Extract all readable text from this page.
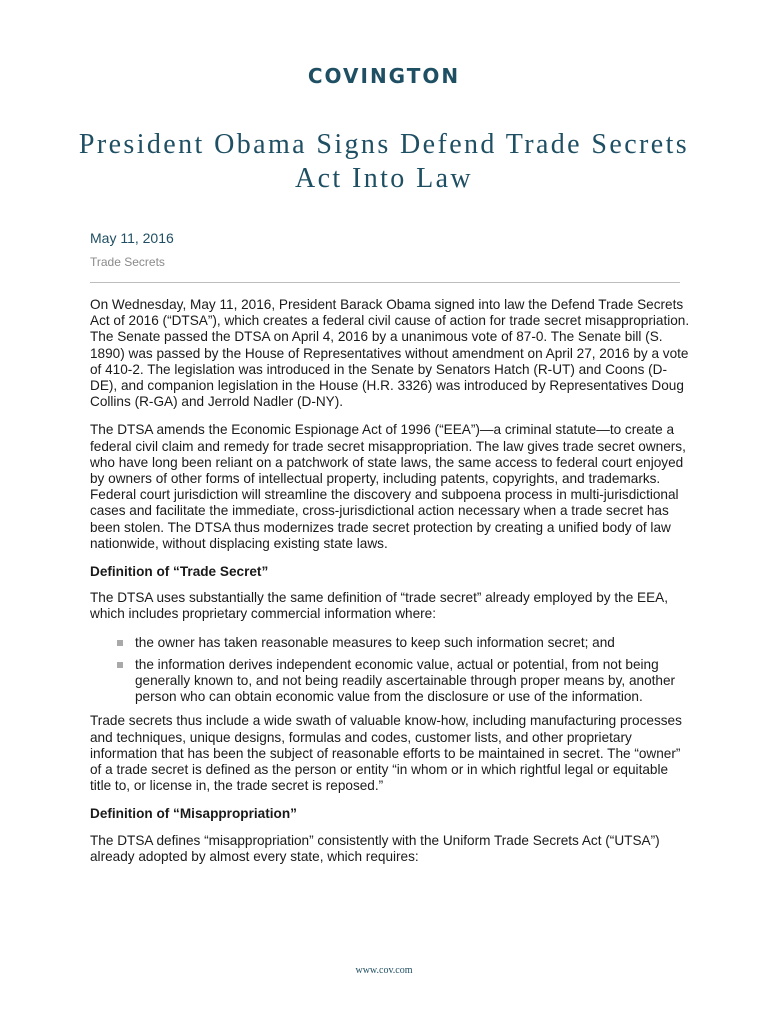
COVINGTON
President Obama Signs Defend Trade Secrets Act Into Law
May 11, 2016
Trade Secrets

On Wednesday, May 11, 2016, President Barack Obama signed into law the Defend Trade Secrets Act of 2016 (“DTSA”), which creates a federal civil cause of action for trade secret misappropriation. The Senate passed the DTSA on April 4, 2016 by a unanimous vote of 87-0. The Senate bill (S. 1890) was passed by the House of Representatives without amendment on April 27, 2016 by a vote of 410-2. The legislation was introduced in the Senate by Senators Hatch (R-UT) and Coons (D-DE), and companion legislation in the House (H.R. 3326) was introduced by Representatives Doug Collins (R-GA) and Jerrold Nadler (D-NY).

The DTSA amends the Economic Espionage Act of 1996 (“EEA”)—a criminal statute—to create a federal civil claim and remedy for trade secret misappropriation. The law gives trade secret owners, who have long been reliant on a patchwork of state laws, the same access to federal court enjoyed by owners of other forms of intellectual property, including patents, copyrights, and trademarks. Federal court jurisdiction will streamline the discovery and subpoena process in multi-jurisdictional cases and facilitate the immediate, cross-jurisdictional action necessary when a trade secret has been stolen. The DTSA thus modernizes trade secret protection by creating a unified body of law nationwide, without displacing existing state laws.

Definition of “Trade Secret”

The DTSA uses substantially the same definition of “trade secret” already employed by the EEA, which includes proprietary commercial information where:

the owner has taken reasonable measures to keep such information secret; and
the information derives independent economic value, actual or potential, from not being generally known to, and not being readily ascertainable through proper means by, another person who can obtain economic value from the disclosure or use of the information.

Trade secrets thus include a wide swath of valuable know-how, including manufacturing processes and techniques, unique designs, formulas and codes, customer lists, and other proprietary information that has been the subject of reasonable efforts to be maintained in secret. The “owner” of a trade secret is defined as the person or entity “in whom or in which rightful legal or equitable title to, or license in, the trade secret is reposed.”

Definition of “Misappropriation”

The DTSA defines “misappropriation” consistently with the Uniform Trade Secrets Act (“UTSA”) already adopted by almost every state, which requires:

www.cov.com
